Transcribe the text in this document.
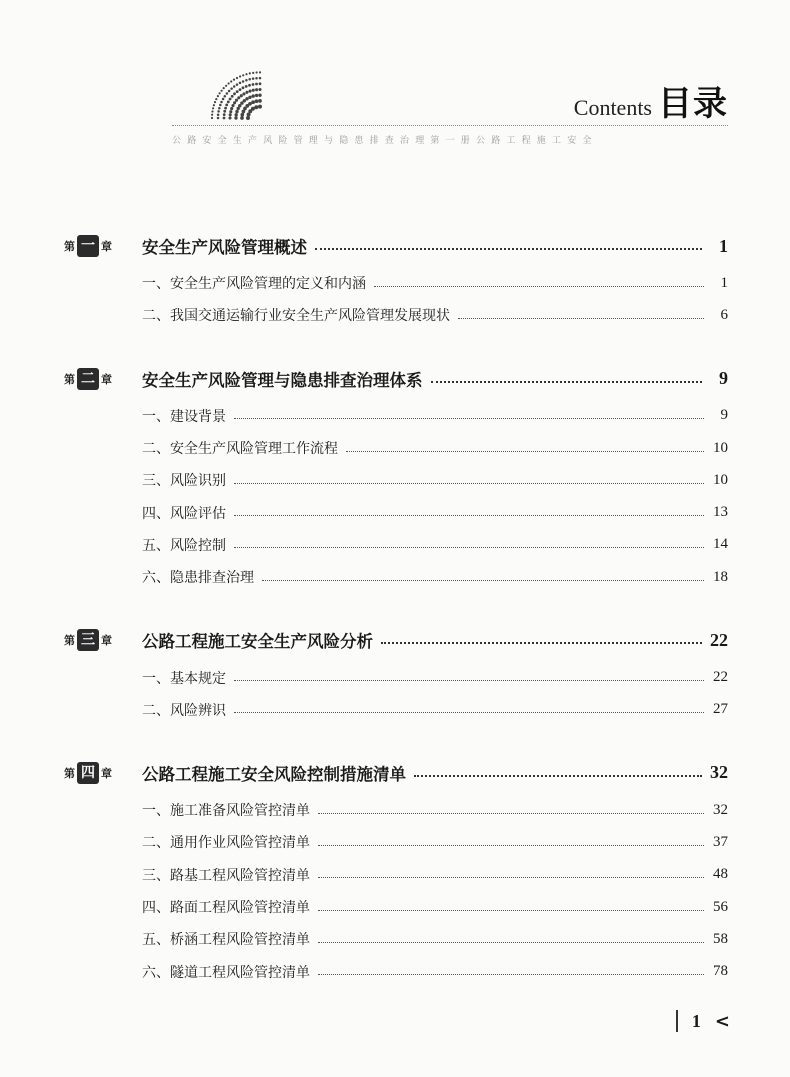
Contents 目录
公路安全生产风险管理与隐患排查治理第一册公路工程施工安全
第 一 章 安全生产风险管理概述	1
一、安全生产风险管理的定义和内涵	1
二、我国交通运输行业安全生产风险管理发展现状	6
第 二 章 安全生产风险管理与隐患排查治理体系	9
一、建设背景	9
二、安全生产风险管理工作流程	10
三、风险识别	10
四、风险评估	13
五、风险控制	14
六、隐患排查治理	18
第 三 章 公路工程施工安全生产风险分析	22
一、基本规定	22
二、风险辨识	27
第 四 章 公路工程施工安全风险控制措施清单	32
一、施工准备风险管控清单	32
二、通用作业风险管控清单	37
三、路基工程风险管控清单	48
四、路面工程风险管控清单	56
五、桥涵工程风险管控清单	58
六、隧道工程风险管控清单	78
1 <
